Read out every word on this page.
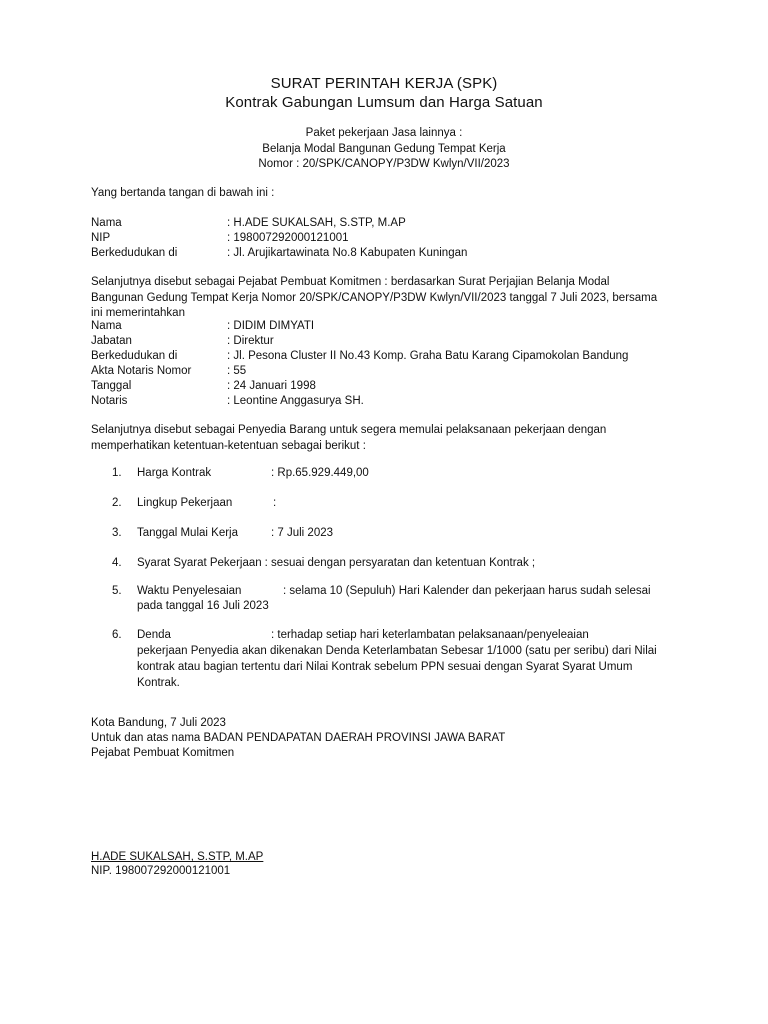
SURAT PERINTAH KERJA (SPK)
Kontrak Gabungan Lumsum dan Harga Satuan
Paket pekerjaan Jasa lainnya :
Belanja Modal Bangunan Gedung Tempat Kerja
Nomor : 20/SPK/CANOPY/P3DW Kwlyn/VII/2023
Yang bertanda tangan di bawah ini :
Nama	: H.ADE SUKALSAH, S.STP, M.AP
NIP	: 198007292000121001
Berkedudukan di	: Jl. Arujikartawinata No.8 Kabupaten Kuningan
Selanjutnya disebut sebagai Pejabat Pembuat Komitmen : berdasarkan Surat Perjajian Belanja Modal Bangunan Gedung Tempat Kerja Nomor 20/SPK/CANOPY/P3DW Kwlyn/VII/2023 tanggal 7 Juli 2023, bersama ini memerintahkan
Nama	: DIDIM DIMYATI
Jabatan	: Direktur
Berkedudukan di	: Jl. Pesona Cluster II No.43 Komp. Graha Batu Karang Cipamokolan Bandung
Akta Notaris Nomor	: 55
Tanggal	: 24 Januari 1998
Notaris	: Leontine Anggasurya SH.
Selanjutnya disebut sebagai Penyedia Barang untuk segera memulai pelaksanaan pekerjaan dengan memperhatikan ketentuan-ketentuan sebagai berikut :
1. Harga Kontrak	: Rp.65.929.449,00
2. Lingkup Pekerjaan	:
3. Tanggal Mulai Kerja	: 7 Juli 2023
4. Syarat Syarat Pekerjaan : sesuai dengan persyaratan dan ketentuan Kontrak ;
5. Waktu Penyelesaian	: selama 10 (Sepuluh) Hari Kalender dan pekerjaan harus sudah selesai
pada tanggal 16 Juli 2023
6. Denda	: terhadap setiap hari keterlambatan pelaksanaan/penyeleaian
pekerjaan Penyedia akan dikenakan Denda Keterlambatan Sebesar 1/1000 (satu per seribu) dari Nilai kontrak atau bagian tertentu dari Nilai Kontrak sebelum PPN sesuai dengan Syarat Syarat Umum Kontrak.
Kota Bandung, 7 Juli 2023
Untuk dan atas nama BADAN PENDAPATAN DAERAH PROVINSI JAWA BARAT
Pejabat Pembuat Komitmen
H.ADE SUKALSAH, S.STP, M.AP
NIP. 198007292000121001
